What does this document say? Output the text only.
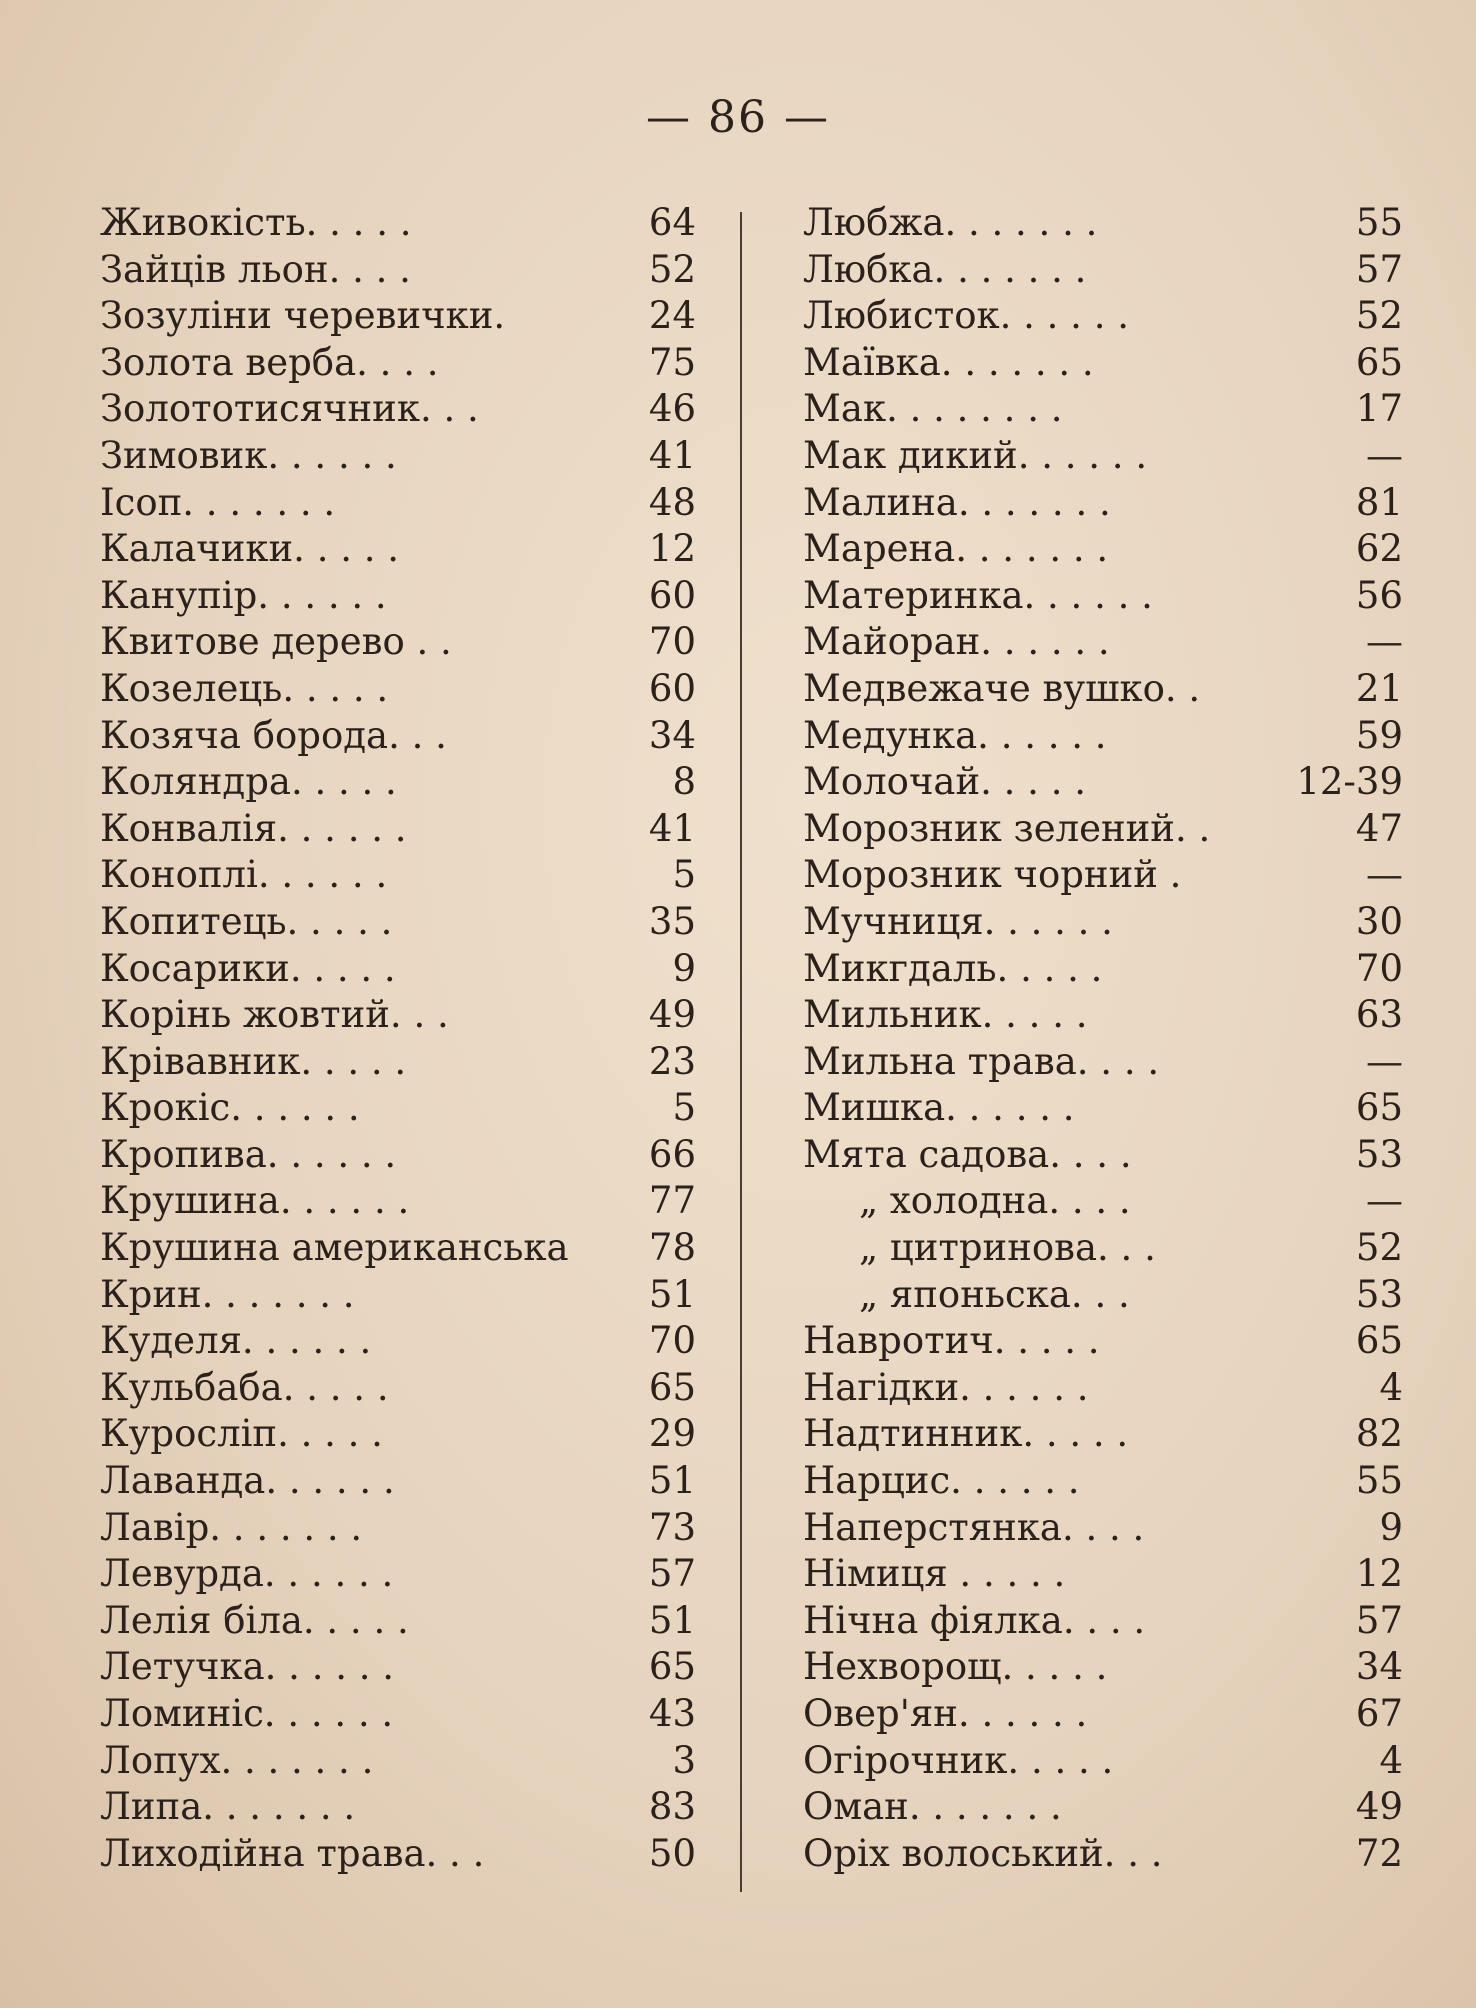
— 86 —
Живокість. . . . .	64
Зайців льон. . . .	52
Зозуліни черевички.	24
Золота верба. . . .	75
Золототисячник. . .	46
Зимовик. . . . . .	41
Ісоп. . . . . . .	48
Калачики. . . . .	12
Канупір. . . . . .	60
Квитове дерево . .	70
Козелець. . . . .	60
Козяча борода. . .	34
Коляндра. . . . .	8
Конвалія. . . . . .	41
Коноплі. . . . . .	5
Копитець. . . . .	35
Косарики. . . . .	9
Корінь жовтий. . .	49
Крівавник. . . . .	23
Крокіс. . . . . .	5
Кропива. . . . . .	66
Крушина. . . . . .	77
Крушина американська	78
Крин. . . . . . .	51
Куделя. . . . . .	70
Кульбаба. . . . .	65
Куросліп. . . . .	29
Лаванда. . . . . .	51
Лавір. . . . . . .	73
Левурда. . . . . .	57
Лелія біла. . . . .	51
Летучка. . . . . .	65
Ломиніс. . . . . .	43
Лопух. . . . . . .	3
Липа. . . . . . .	83
Лиходійна трава. . .	50
Любжа. . . . . . .	55
Любка. . . . . . .	57
Любисток. . . . . .	52
Маївка. . . . . . .	65
Мак. . . . . . . .	17
Мак дикий. . . . . .	—
Малина. . . . . . .	81
Марена. . . . . . .	62
Материнка. . . . . .	56
Майоран. . . . . .	—
Медвежаче вушко. .	21
Медунка. . . . . .	59
Молочай. . . . .	12-39
Морозник зелений. .	47
Морозник чорний .	—
Мучниця. . . . . .	30
Микгдаль. . . . .	70
Мильник. . . . .	63
Мильна трава. . . .	—
Мишка. . . . . .	65
Мята садова. . . .	53
„ холодна. . . .	—
„ цитринова. . .	52
„ японьска. . .	53
Навротич. . . . .	65
Нагідки. . . . . .	4
Надтинник. . . . .	82
Нарцис. . . . . .	55
Наперстянка. . . .	9
Німиця . . . . .	12
Нічна фіялка. . . .	57
Нехворощ. . . . .	34
Овер'ян. . . . . .	67
Огірочник. . . . .	4
Оман. . . . . . .	49
Оріх волоський. . .	72
